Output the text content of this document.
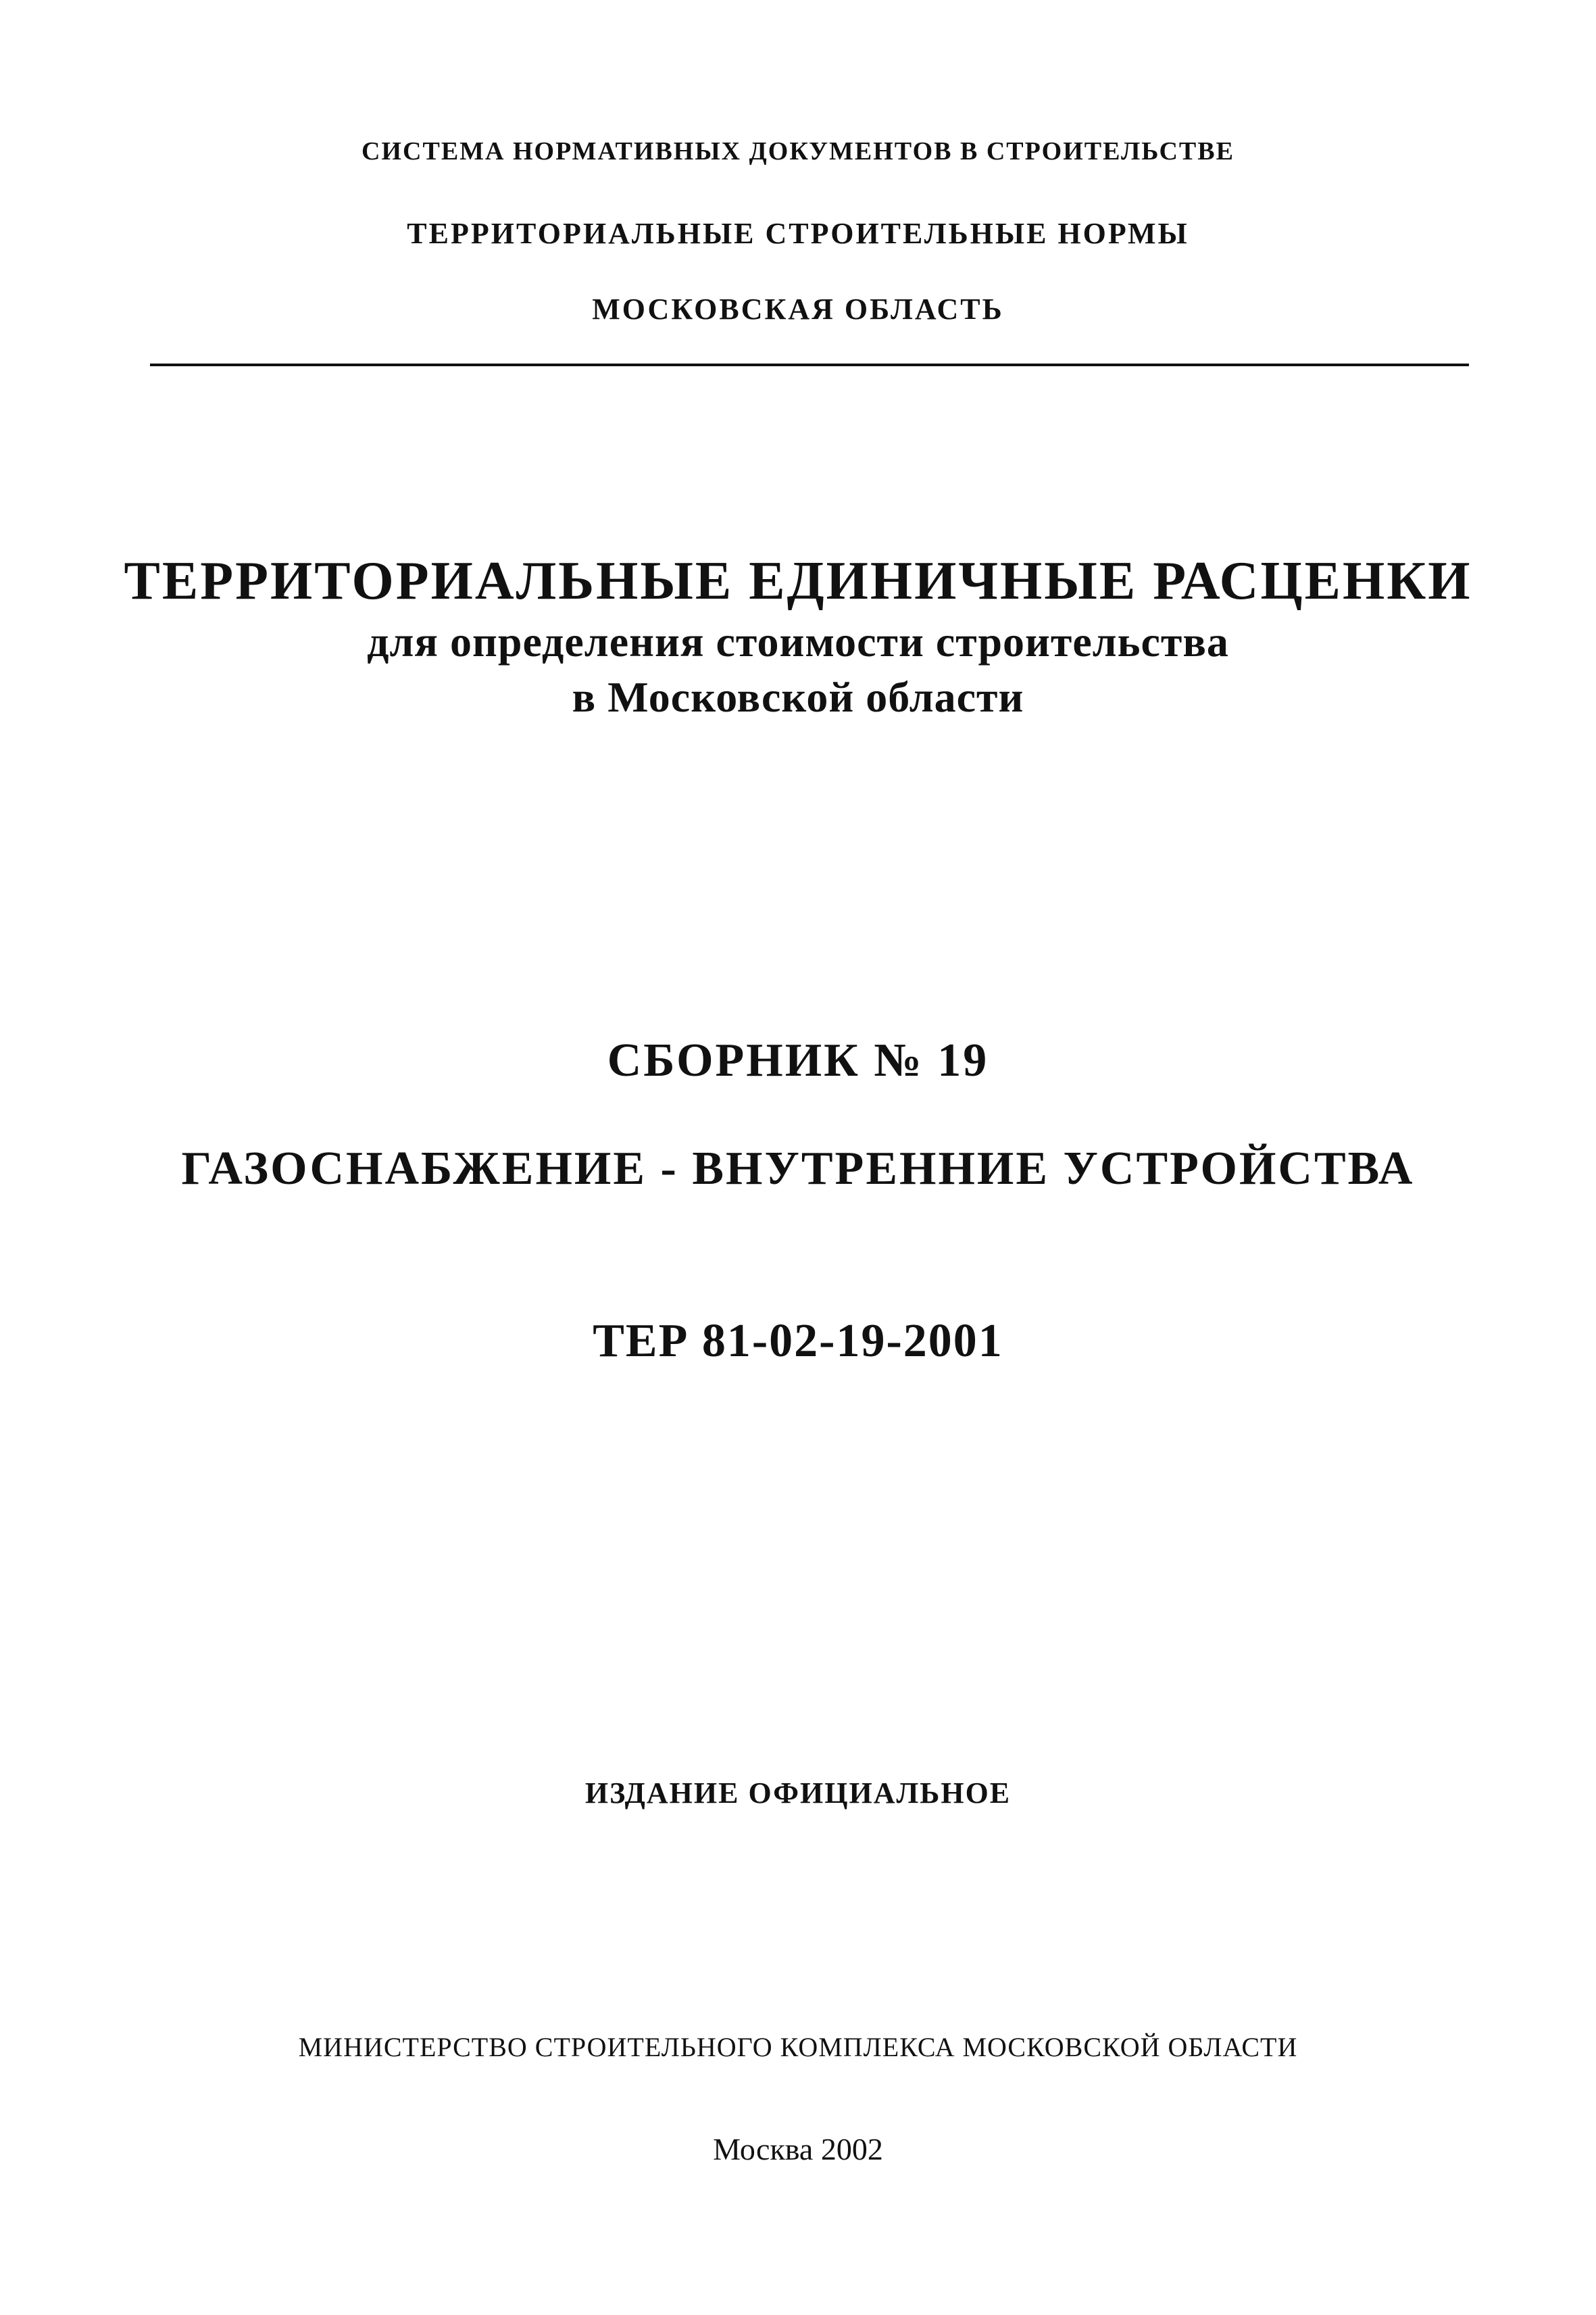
СИСТЕМА НОРМАТИВНЫХ ДОКУМЕНТОВ В СТРОИТЕЛЬСТВЕ
ТЕРРИТОРИАЛЬНЫЕ СТРОИТЕЛЬНЫЕ НОРМЫ
МОСКОВСКАЯ ОБЛАСТЬ
ТЕРРИТОРИАЛЬНЫЕ ЕДИНИЧНЫЕ РАСЦЕНКИ
для определения стоимости строительства
в Московской области
СБОРНИК № 19
ГАЗОСНАБЖЕНИЕ - ВНУТРЕННИЕ УСТРОЙСТВА
ТЕР 81-02-19-2001
ИЗДАНИЕ ОФИЦИАЛЬНОЕ
МИНИСТЕРСТВО СТРОИТЕЛЬНОГО КОМПЛЕКСА МОСКОВСКОЙ ОБЛАСТИ
Москва 2002
